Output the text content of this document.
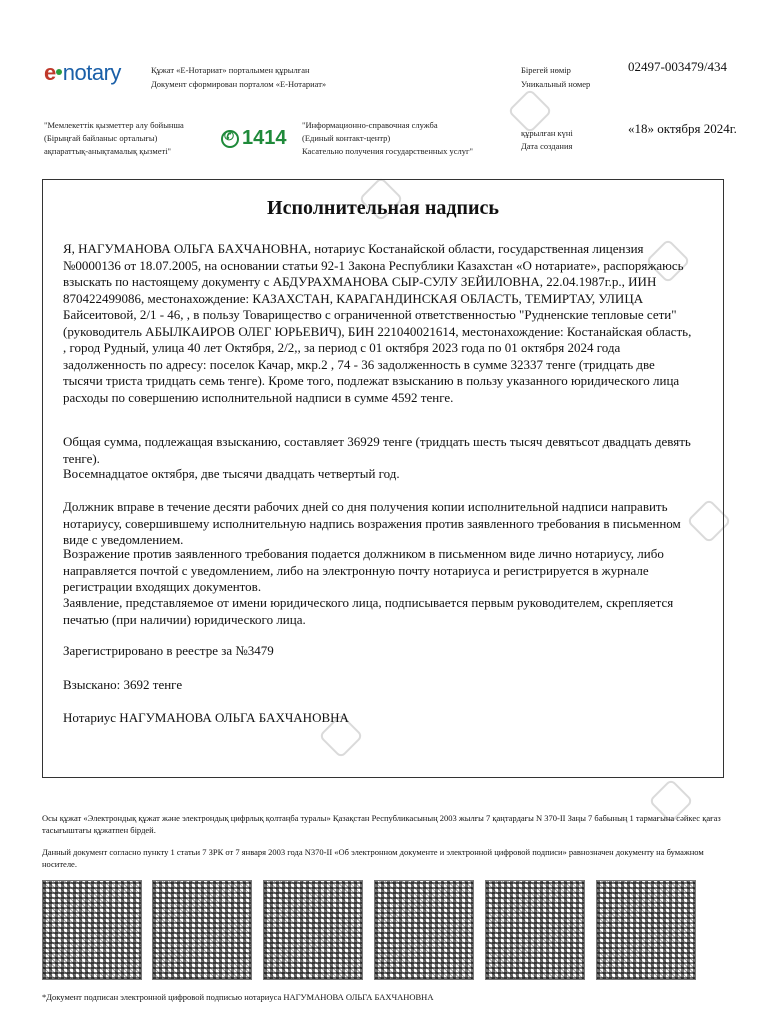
e notary	Құжат «Е-Нотариат» порталымен құрылған
Документ сформирован порталом «Е-Нотариат»
Бірегей нөмір
Уникальный номер
02497-003479/434
"Мемлекеттік қызметтер алу бойынша
(Бірыңғай байланыс орталығы)
ақпараттық-анықтамалық қызметі"
✆1414
"Информационно-справочная служба
(Единый контакт-центр)
Касательно получения государственных услуг"
құрылған күні
Дата создания
«18» октября 2024г.
Исполнительная надпись
Я, НАГУМАНОВА ОЛЬГА БАХЧАНОВНА, нотариус Костанайской области, государственная лицензия №0000136 от 18.07.2005, на основании статьи 92-1 Закона Республики Казахстан «О нотариате», распоряжаюсь взыскать по настоящему документу с АБДУРАХМАНОВА СЫР-СУЛУ ЗЕЙИЛОВНА, 22.04.1987г.р., ИИН 870422499086, местонахождение: КАЗАХСТАН, КАРАГАНДИНСКАЯ ОБЛАСТЬ, ТЕМИРТАУ, УЛИЦА Байсеитовой, 2/1 - 46, , в пользу Товарищество с ограниченной ответственностью "Рудненские тепловые сети" (руководитель АБЫЛКАИРОВ ОЛЕГ ЮРЬЕВИЧ), БИН 221040021614, местонахождение: Костанайская область, , город Рудный, улица 40 лет Октября, 2/2,, за период с 01 октября 2023 года по 01 октября 2024 года задолженность по адресу: поселок Качар, мкр.2 , 74 - 36 задолженность в сумме 32337 тенге (тридцать две тысячи триста тридцать семь тенге). Кроме того, подлежат взысканию в пользу указанного юридического лица расходы по совершению исполнительной надписи в сумме 4592 тенге.
Общая сумма, подлежащая взысканию, составляет 36929 тенге (тридцать шесть тысяч девятьсот двадцать девять тенге).
Восемнадцатое октября, две тысячи двадцать четвертый год.
Должник вправе в течение десяти рабочих дней со дня получения копии исполнительной надписи направить нотариусу, совершившему исполнительную надпись возражения против заявленного требования в письменном виде с уведомлением.
Возражение против заявленного требования подается должником в письменном виде лично нотариусу, либо направляется почтой с уведомлением, либо на электронную почту нотариуса и регистрируется в журнале регистрации входящих документов.
Заявление, представляемое от имени юридического лица, подписывается первым руководителем, скрепляется печатью (при наличии) юридического лица.
Зарегистрировано в реестре за №3479
Взыскано: 3692 тенге
Нотариус НАГУМАНОВА ОЛЬГА БАХЧАНОВНА
Осы құжат «Электрондық құжат және электрондық цифрлық қолтаңба туралы» Қазақстан Республикасының 2003 жылғы 7 қаңтардағы N 370-II Заңы 7 бабының 1 тармағына сәйкес қағаз тасығыштағы құжатпен бірдей.
Данный документ согласно пункту 1 статьи 7 ЗРК от 7 января 2003 года N370-II «Об электронном документе и электронной цифровой подписи» равнозначен документу на бумажном носителе.
*Документ подписан электронной цифровой подписью нотариуса НАГУМАНОВА ОЛЬГА БАХЧАНОВНА
